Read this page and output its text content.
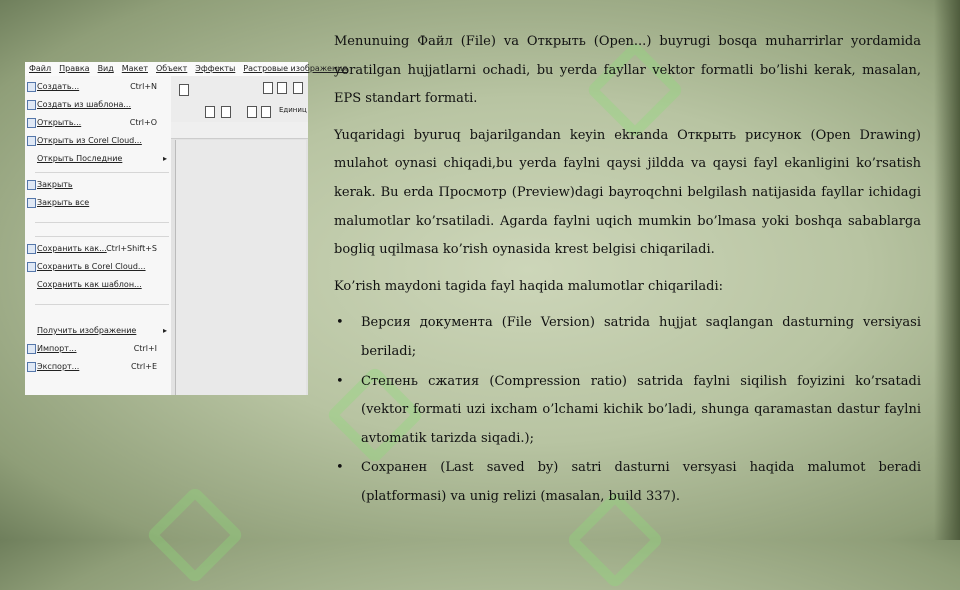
Файл	Правка	Вид	Макет	Объект	Эффекты	Растровые изображения
Создать...	Ctrl+N
Создать из шаблона...
Открыть...	Ctrl+O
Открыть из Corel Cloud...
Открыть Последние	▸
Закрыть
Закрыть все
Сохранить как... Ctrl+Shift+S
Сохранить в Corel Cloud...
Сохранить как шаблон...
Получить изображение	▸
Импорт...	Ctrl+I
Экспорт...	Ctrl+E
Единиц

Menunuing Файл (File) va Открыть (Open...) buyrugi bosqa muharrirlar yordamida yoratilgan hujjatlarni ochadi, bu yerda fayllar vektor formatli bo’lishi kerak, masalan, EPS standart formati.

Yuqaridagi byuruq bajarilgandan keyin ekranda Открыть рисунок (Open Drawing) mulahot oynasi chiqadi,bu yerda faylni qaysi jildda va qaysi fayl ekanligini ko’rsatish kerak. Bu erda Просмотр (Preview)dagi bayroqchni belgilash natijasida fayllar ichidagi malumotlar ko’rsatiladi. Agarda faylni uqich mumkin bo’lmasa yoki boshqa sabablarga bogliq uqilmasa ko’rish oynasida krest belgisi chiqariladi.

Ko’rish maydoni tagida fayl haqida malumotlar chiqariladi:

• Версия документа (File Version) satrida hujjat saqlangan dasturning versiyasi beriladi;
• Степень сжатия (Compression ratio) satrida faylni siqilish foyizini ko’rsatadi (vektor formati uzi ixcham o’lchami kichik bo’ladi, shunga qaramastan dastur faylni avtomatik tarizda siqadi.);
• Сохранен (Last saved by) satri dasturni versyasi haqida malumot beradi (platformasi) va unig relizi (masalan, build 337).
